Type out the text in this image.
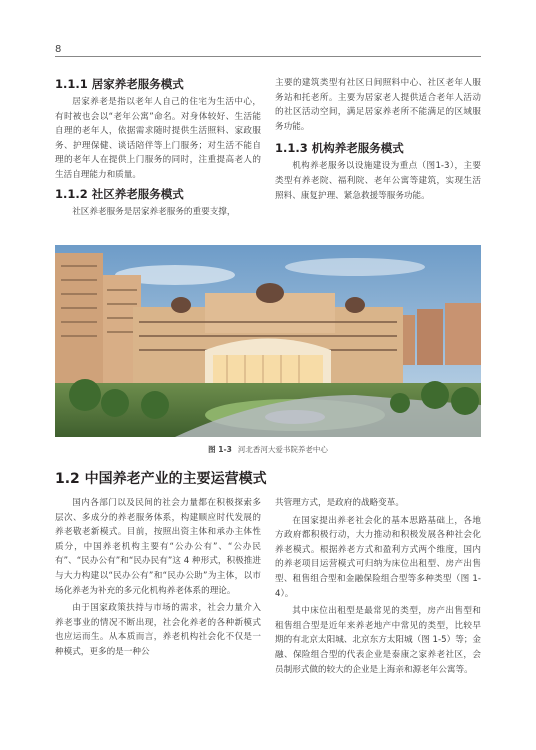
8
1.1.1 居家养老服务模式
居家养老是指以老年人自己的住宅为生活中心，有时被也会以“老年公寓”命名。对身体较好、生活能自理的老年人，依据需求随时提供生活照料、家政服务、护理保健、谈话陪伴等上门服务；对生活不能自理的老年人在提供上门服务的同时，注重提高老人的生活自理能力和质量。
1.1.2 社区养老服务模式
社区养老服务是居家养老服务的重要支撑，
主要的建筑类型有社区日间照料中心、社区老年人服务站和托老所。主要为居家老人提供适合老年人活动的社区活动空间，满足居家养老所不能满足的区域服务功能。
1.1.3 机构养老服务模式
机构养老服务以设施建设为重点（图1-3），主要类型有养老院、福利院、老年公寓等建筑，实现生活照料、康复护理、紧急救援等服务功能。
图 1-3 河北香河大爱书院养老中心
1.2 中国养老产业的主要运营模式
国内各部门以及民间的社会力量都在积极探索多层次、多成分的养老服务体系，构建顺应时代发展的养老敬老新模式。目前，按照出资主体和承办主体性质分，中国养老机构主要有“公办公有”、“公办民有”、“民办公有”和“民办民有”这 4 种形式，积极推进与大力构建以“民办公有”和“民办公助”为主体，以市场化养老为补充的多元化机构养老体系的理论。
由于国家政策扶持与市场的需求，社会力量介入养老事业的情况不断出现，社会化养老的各种新模式也应运而生。从本质而言，养老机构社会化不仅是一种模式，更多的是一种公
共管理方式，是政府的战略变革。
在国家提出养老社会化的基本思路基础上，各地方政府都积极行动，大力推动和积极发展各种社会化养老模式。根据养老方式和盈利方式两个维度，国内的养老项目运营模式可归纳为床位出租型、房产出售型、租售组合型和金融保险组合型等多种类型（图 1-4）。
其中床位出租型是最常见的类型，房产出售型和租售组合型是近年来养老地产中常见的类型，比较早期的有北京太阳城、北京东方太阳城（图 1-5）等；金融、保险组合型的代表企业是泰康之家养老社区，会员制形式做的较大的企业是上海亲和源老年公寓等。
